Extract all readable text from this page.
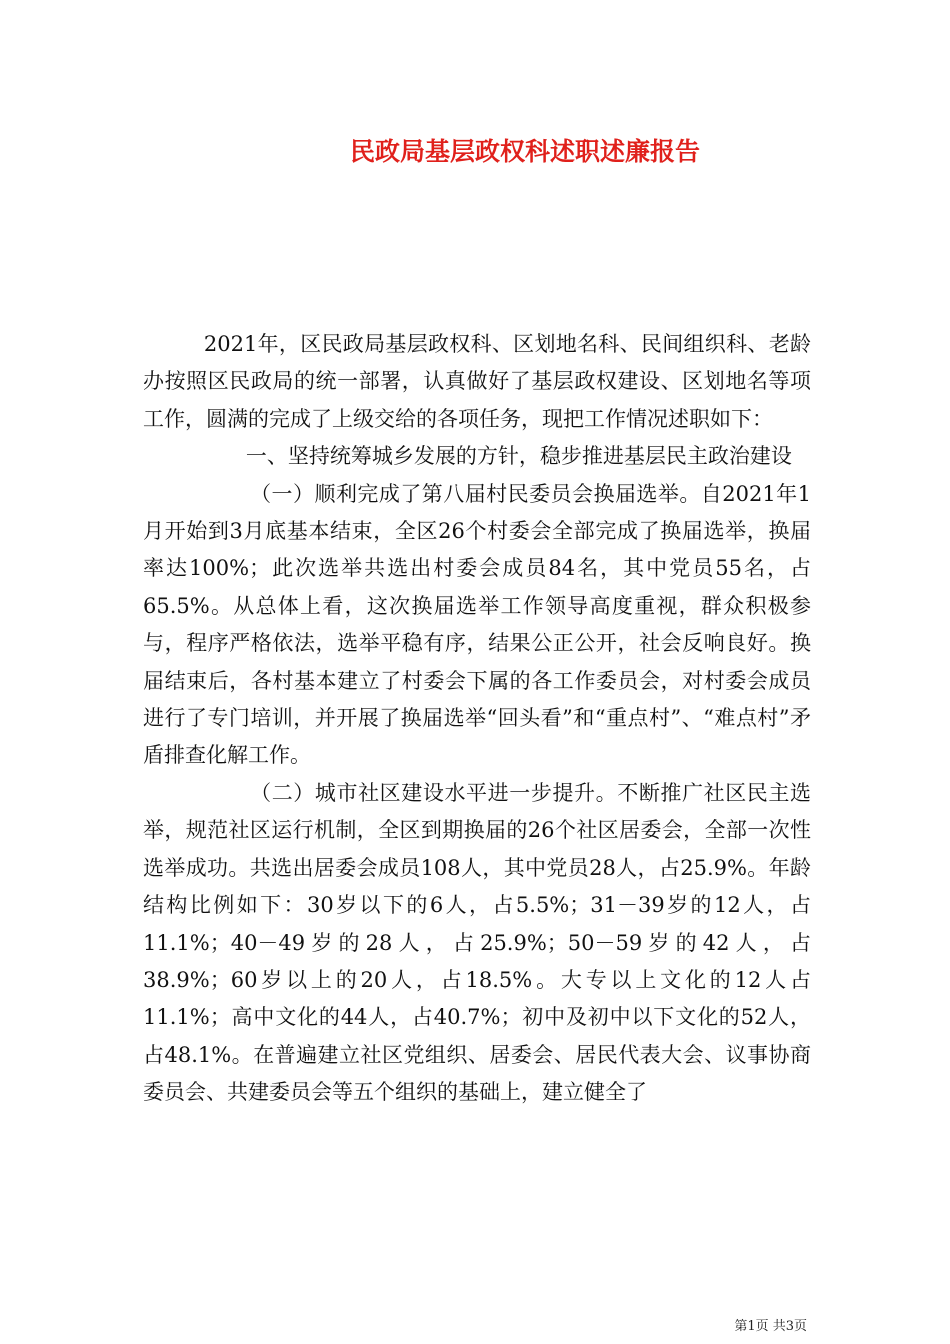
民政局基层政权科述职述廉报告

2021年，区民政局基层政权科、区划地名科、民间组织科、老龄办按照区民政局的统一部署，认真做好了基层政权建设、区划地名等项工作，圆满的完成了上级交给的各项任务，现把工作情况述职如下：

一、坚持统筹城乡发展的方针，稳步推进基层民主政治建设

（一）顺利完成了第八届村民委员会换届选举。自2021年1月开始到3月底基本结束，全区26个村委会全部完成了换届选举，换届率达100%；此次选举共选出村委会成员84名，其中党员55名，占65.5%。从总体上看，这次换届选举工作领导高度重视，群众积极参与，程序严格依法，选举平稳有序，结果公正公开，社会反响良好。换届结束后，各村基本建立了村委会下属的各工作委员会，对村委会成员进行了专门培训，并开展了换届选举“回头看”和“重点村”、“难点村”矛盾排查化解工作。

（二）城市社区建设水平进一步提升。不断推广社区民主选举，规范社区运行机制，全区到期换届的26个社区居委会，全部一次性选举成功。共选出居委会成员108人，其中党员28人，占25.9%。年龄结构比例如下：30岁以下的6人，占5.5%；31－39岁的12人，占11.1%；40－49岁的28人，占25.9%；50－59岁的42人，占38.9%；60岁以上的20人，占18.5%。大专以上文化的12人占11.1%；高中文化的44人，占40.7%；初中及初中以下文化的52人，占48.1%。在普遍建立社区党组织、居委会、居民代表大会、议事协商委员会、共建委员会等五个组织的基础上，建立健全了

第1页 共3页
